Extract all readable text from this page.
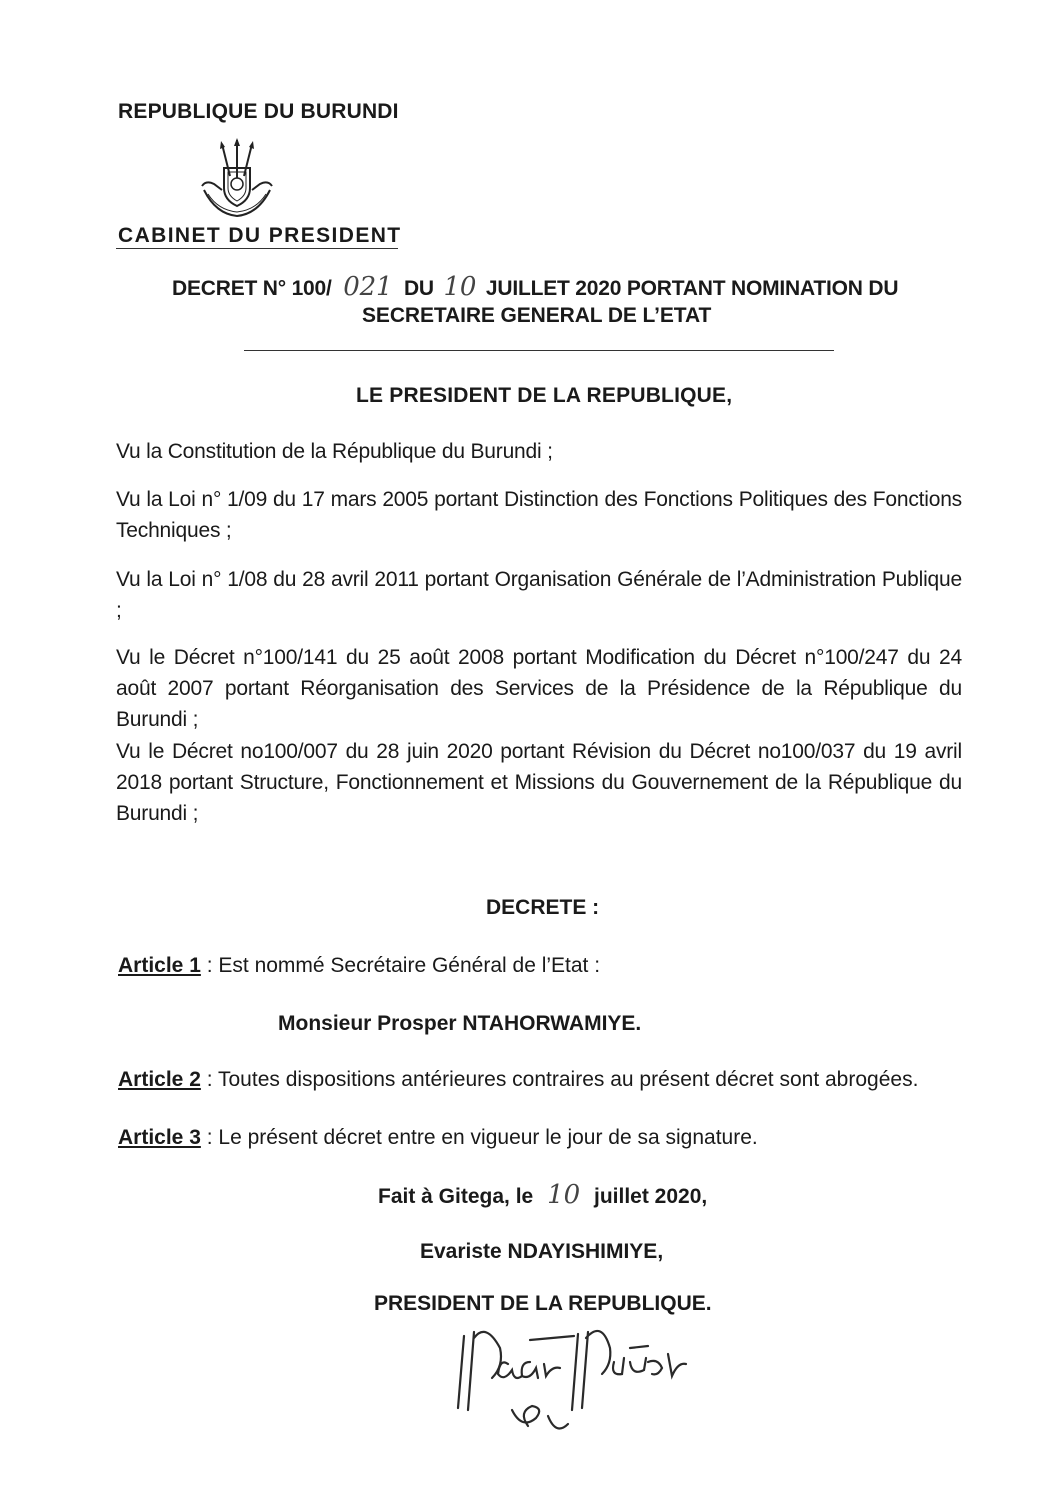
REPUBLIQUE DU BURUNDI
CABINET DU PRESIDENT
DECRET N° 100/ 021 DU 10 JUILLET 2020 PORTANT NOMINATION DU
SECRETAIRE GENERAL DE L’ETAT
LE PRESIDENT DE LA REPUBLIQUE,
Vu la Constitution de la République du Burundi ;
Vu la Loi n° 1/09 du 17 mars 2005 portant Distinction des Fonctions Politiques des Fonctions Techniques ;
Vu la Loi n° 1/08 du 28 avril 2011 portant Organisation Générale de l’Administration Publique ;
Vu le Décret n°100/141 du 25 août 2008 portant Modification du Décret n°100/247 du 24 août 2007 portant Réorganisation des Services de la Présidence de la République du Burundi ;
Vu le Décret no100/007 du 28 juin 2020 portant Révision du Décret no100/037 du 19 avril 2018 portant Structure, Fonctionnement et Missions du Gouvernement de la République du Burundi ;
DECRETE :
Article 1 : Est nommé Secrétaire Général de l’Etat :
Monsieur Prosper NTAHORWAMIYE.
Article 2 : Toutes dispositions antérieures contraires au présent décret sont abrogées.
Article 3 : Le présent décret entre en vigueur le jour de sa signature.
Fait à Gitega, le 10 juillet 2020,
Evariste NDAYISHIMIYE,
PRESIDENT DE LA REPUBLIQUE.
